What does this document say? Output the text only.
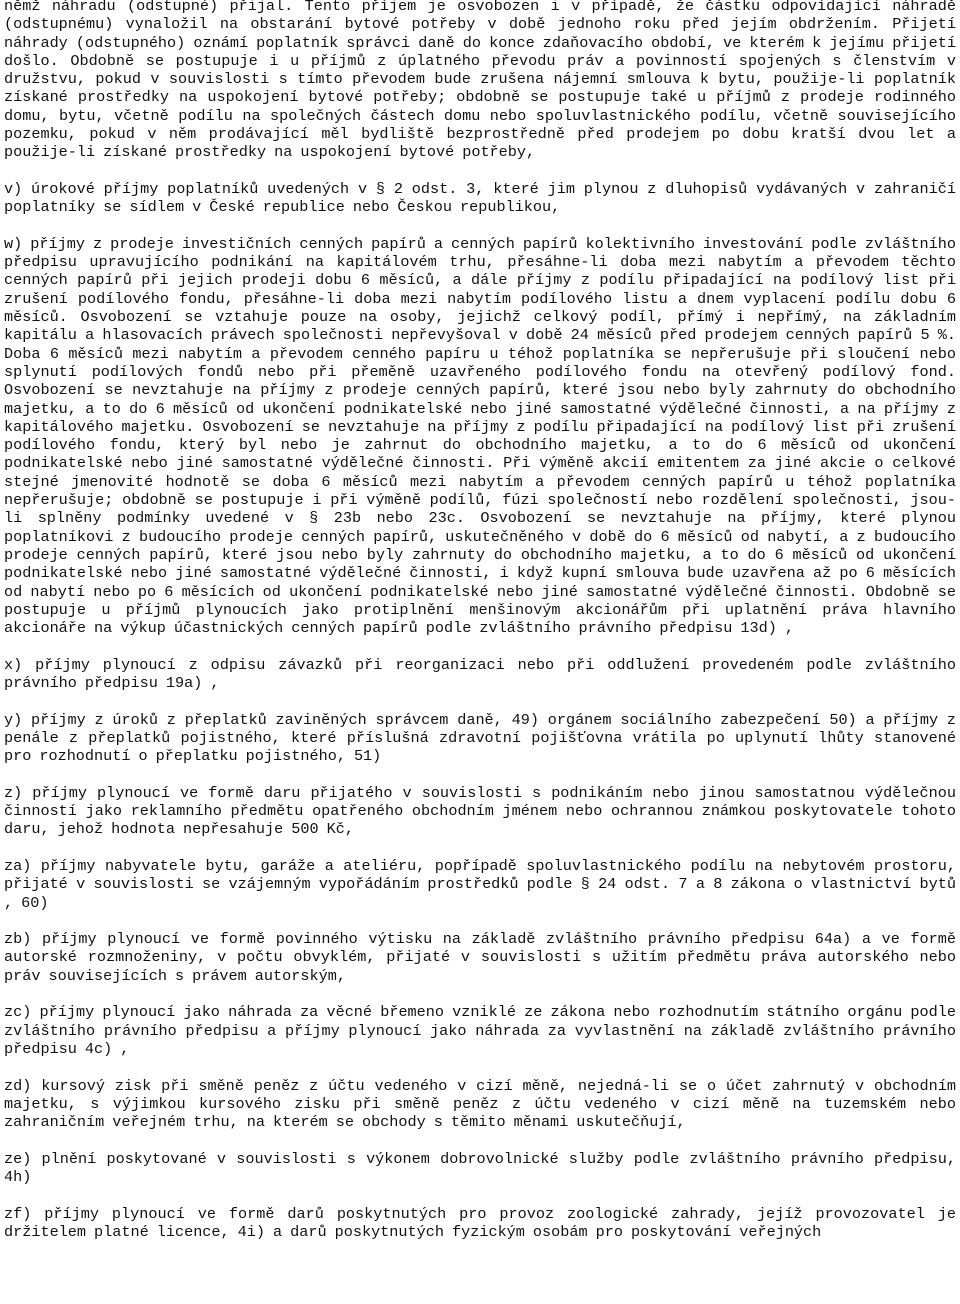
němž náhradu (odstupné) přijal. Tento příjem je osvobozen i v případě, že částku odpovídající náhradě (odstupnému) vynaložil na obstarání bytové potřeby v době jednoho roku před jejím obdržením. Přijetí náhrady (odstupného) oznámí poplatník správci daně do konce zdaňovacího období, ve kterém k jejímu přijetí došlo. Obdobně se postupuje i u příjmů z úplatného převodu práv a povinností spojených s členstvím v družstvu, pokud v souvislosti s tímto převodem bude zrušena nájemní smlouva k bytu, použije-li poplatník získané prostředky na uspokojení bytové potřeby; obdobně se postupuje také u příjmů z prodeje rodinného domu, bytu, včetně podílu na společných částech domu nebo spoluvlastnického podílu, včetně souvisejícího pozemku, pokud v něm prodávající měl bydliště bezprostředně před prodejem po dobu kratší dvou let a použije-li získané prostředky na uspokojení bytové potřeby,

v) úrokové příjmy poplatníků uvedených v § 2 odst. 3, které jim plynou z dluhopisů vydávaných v zahraničí poplatníky se sídlem v České republice nebo Českou republikou,

w) příjmy z prodeje investičních cenných papírů a cenných papírů kolektivního investování podle zvláštního předpisu upravujícího podnikání na kapitálovém trhu, přesáhne-li doba mezi nabytím a převodem těchto cenných papírů při jejich prodeji dobu 6 měsíců, a dále příjmy z podílu připadající na podílový list při zrušení podílového fondu, přesáhne-li doba mezi nabytím podílového listu a dnem vyplacení podílu dobu 6 měsíců. Osvobození se vztahuje pouze na osoby, jejichž celkový podíl, přímý i nepřímý, na základním kapitálu a hlasovacích právech společnosti nepřevyšoval v době 24 měsíců před prodejem cenných papírů 5 %. Doba 6 měsíců mezi nabytím a převodem cenného papíru u téhož poplatníka se nepřerušuje při sloučení nebo splynutí podílových fondů nebo při přeměně uzavřeného podílového fondu na otevřený podílový fond. Osvobození se nevztahuje na příjmy z prodeje cenných papírů, které jsou nebo byly zahrnuty do obchodního majetku, a to do 6 měsíců od ukončení podnikatelské nebo jiné samostatné výdělečné činnosti, a na příjmy z kapitálového majetku. Osvobození se nevztahuje na příjmy z podílu připadající na podílový list při zrušení podílového fondu, který byl nebo je zahrnut do obchodního majetku, a to do 6 měsíců od ukončení podnikatelské nebo jiné samostatné výdělečné činnosti. Při výměně akcií emitentem za jiné akcie o celkové stejné jmenovité hodnotě se doba 6 měsíců mezi nabytím a převodem cenných papírů u téhož poplatníka nepřerušuje; obdobně se postupuje i při výměně podílů, fúzi společností nebo rozdělení společnosti, jsou-li splněny podmínky uvedené v § 23b nebo 23c. Osvobození se nevztahuje na příjmy, které plynou poplatníkovi z budoucího prodeje cenných papírů, uskutečněného v době do 6 měsíců od nabytí, a z budoucího prodeje cenných papírů, které jsou nebo byly zahrnuty do obchodního majetku, a to do 6 měsíců od ukončení podnikatelské nebo jiné samostatné výdělečné činnosti, i když kupní smlouva bude uzavřena až po 6 měsících od nabytí nebo po 6 měsících od ukončení podnikatelské nebo jiné samostatné výdělečné činnosti. Obdobně se postupuje u příjmů plynoucích jako protiplnění menšinovým akcionářům při uplatnění práva hlavního akcionáře na výkup účastnických cenných papírů podle zvláštního právního předpisu 13d) ,

x) příjmy plynoucí z odpisu závazků při reorganizaci nebo při oddlužení provedeném podle zvláštního právního předpisu 19a) ,

y) příjmy z úroků z přeplatků zaviněných správcem daně, 49) orgánem sociálního zabezpečení 50) a příjmy z penále z přeplatků pojistného, které příslušná zdravotní pojišťovna vrátila po uplynutí lhůty stanovené pro rozhodnutí o přeplatku pojistného, 51)

z) příjmy plynoucí ve formě daru přijatého v souvislosti s podnikáním nebo jinou samostatnou výdělečnou činností jako reklamního předmětu opatřeného obchodním jménem nebo ochrannou známkou poskytovatele tohoto daru, jehož hodnota nepřesahuje 500 Kč,

za) příjmy nabyvatele bytu, garáže a ateliéru, popřípadě spoluvlastnického podílu na nebytovém prostoru, přijaté v souvislosti se vzájemným vypořádáním prostředků podle § 24 odst. 7 a 8 zákona o vlastnictví bytů , 60)

zb) příjmy plynoucí ve formě povinného výtisku na základě zvláštního právního předpisu 64a) a ve formě autorské rozmnoženiny, v počtu obvyklém, přijaté v souvislosti s užitím předmětu práva autorského nebo práv souvisejících s právem autorským,

zc) příjmy plynoucí jako náhrada za věcné břemeno vzniklé ze zákona nebo rozhodnutím státního orgánu podle zvláštního právního předpisu a příjmy plynoucí jako náhrada za vyvlastnění na základě zvláštního právního předpisu 4c) ,

zd) kursový zisk při směně peněz z účtu vedeného v cizí měně, nejedná-li se o účet zahrnutý v obchodním majetku, s výjimkou kursového zisku při směně peněz z účtu vedeného v cizí měně na tuzemském nebo zahraničním veřejném trhu, na kterém se obchody s těmito měnami uskutečňují,

ze) plnění poskytované v souvislosti s výkonem dobrovolnické služby podle zvláštního právního předpisu, 4h)

zf) příjmy plynoucí ve formě darů poskytnutých pro provoz zoologické zahrady, jejíž provozovatel je držitelem platné licence, 4i) a darů poskytnutých fyzickým osobám pro poskytování veřejných
